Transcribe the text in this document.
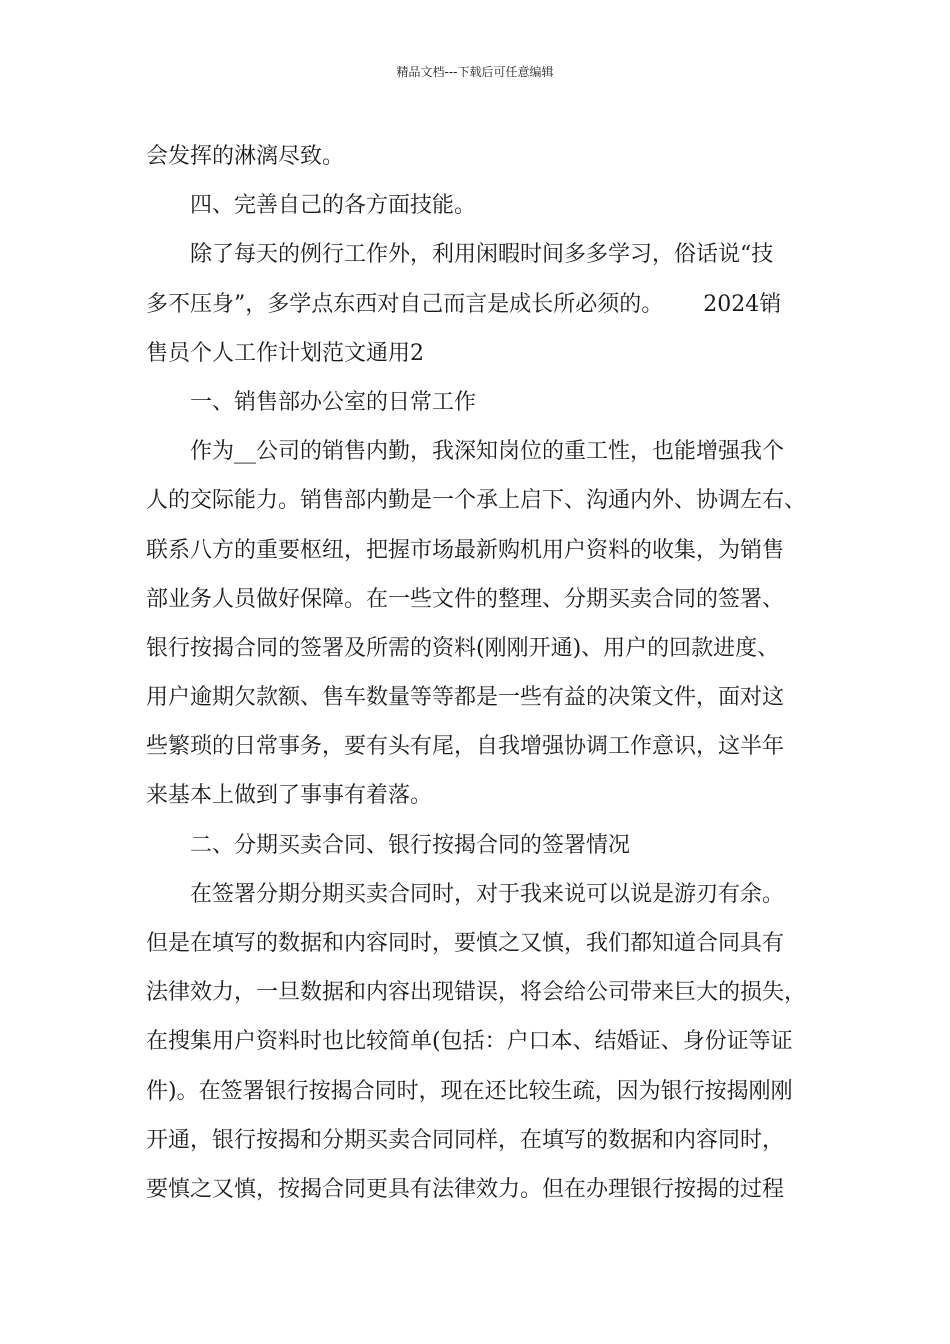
精品文档---下载后可任意编辑
会发挥的淋漓尽致。
四、完善自己的各方面技能。
除了每天的例行工作外，利用闲暇时间多多学习，俗话说“技
多不压身”，多学点东西对自己而言是成长所必须的。　　 2024销
售员个人工作计划范文通用2
一、销售部办公室的日常工作
作为__公司的销售内勤，我深知岗位的重工性，也能增强我个
人的交际能力。销售部内勤是一个承上启下、沟通内外、协调左右、
联系八方的重要枢纽，把握市场最新购机用户资料的收集，为销售
部业务人员做好保障。在一些文件的整理、分期买卖合同的签署、
银行按揭合同的签署及所需的资料(刚刚开通)、用户的回款进度、
用户逾期欠款额、售车数量等等都是一些有益的决策文件，面对这
些繁琐的日常事务，要有头有尾，自我增强协调工作意识，这半年
来基本上做到了事事有着落。
二、分期买卖合同、银行按揭合同的签署情况
在签署分期分期买卖合同时，对于我来说可以说是游刃有余。
但是在填写的数据和内容同时，要慎之又慎，我们都知道合同具有
法律效力，一旦数据和内容出现错误，将会给公司带来巨大的损失，
在搜集用户资料时也比较简单(包括：户口本、结婚证、身份证等证
件)。在签署银行按揭合同时，现在还比较生疏，因为银行按揭刚刚
开通，银行按揭和分期买卖合同同样，在填写的数据和内容同时，
要慎之又慎，按揭合同更具有法律效力。但在办理银行按揭的过程
